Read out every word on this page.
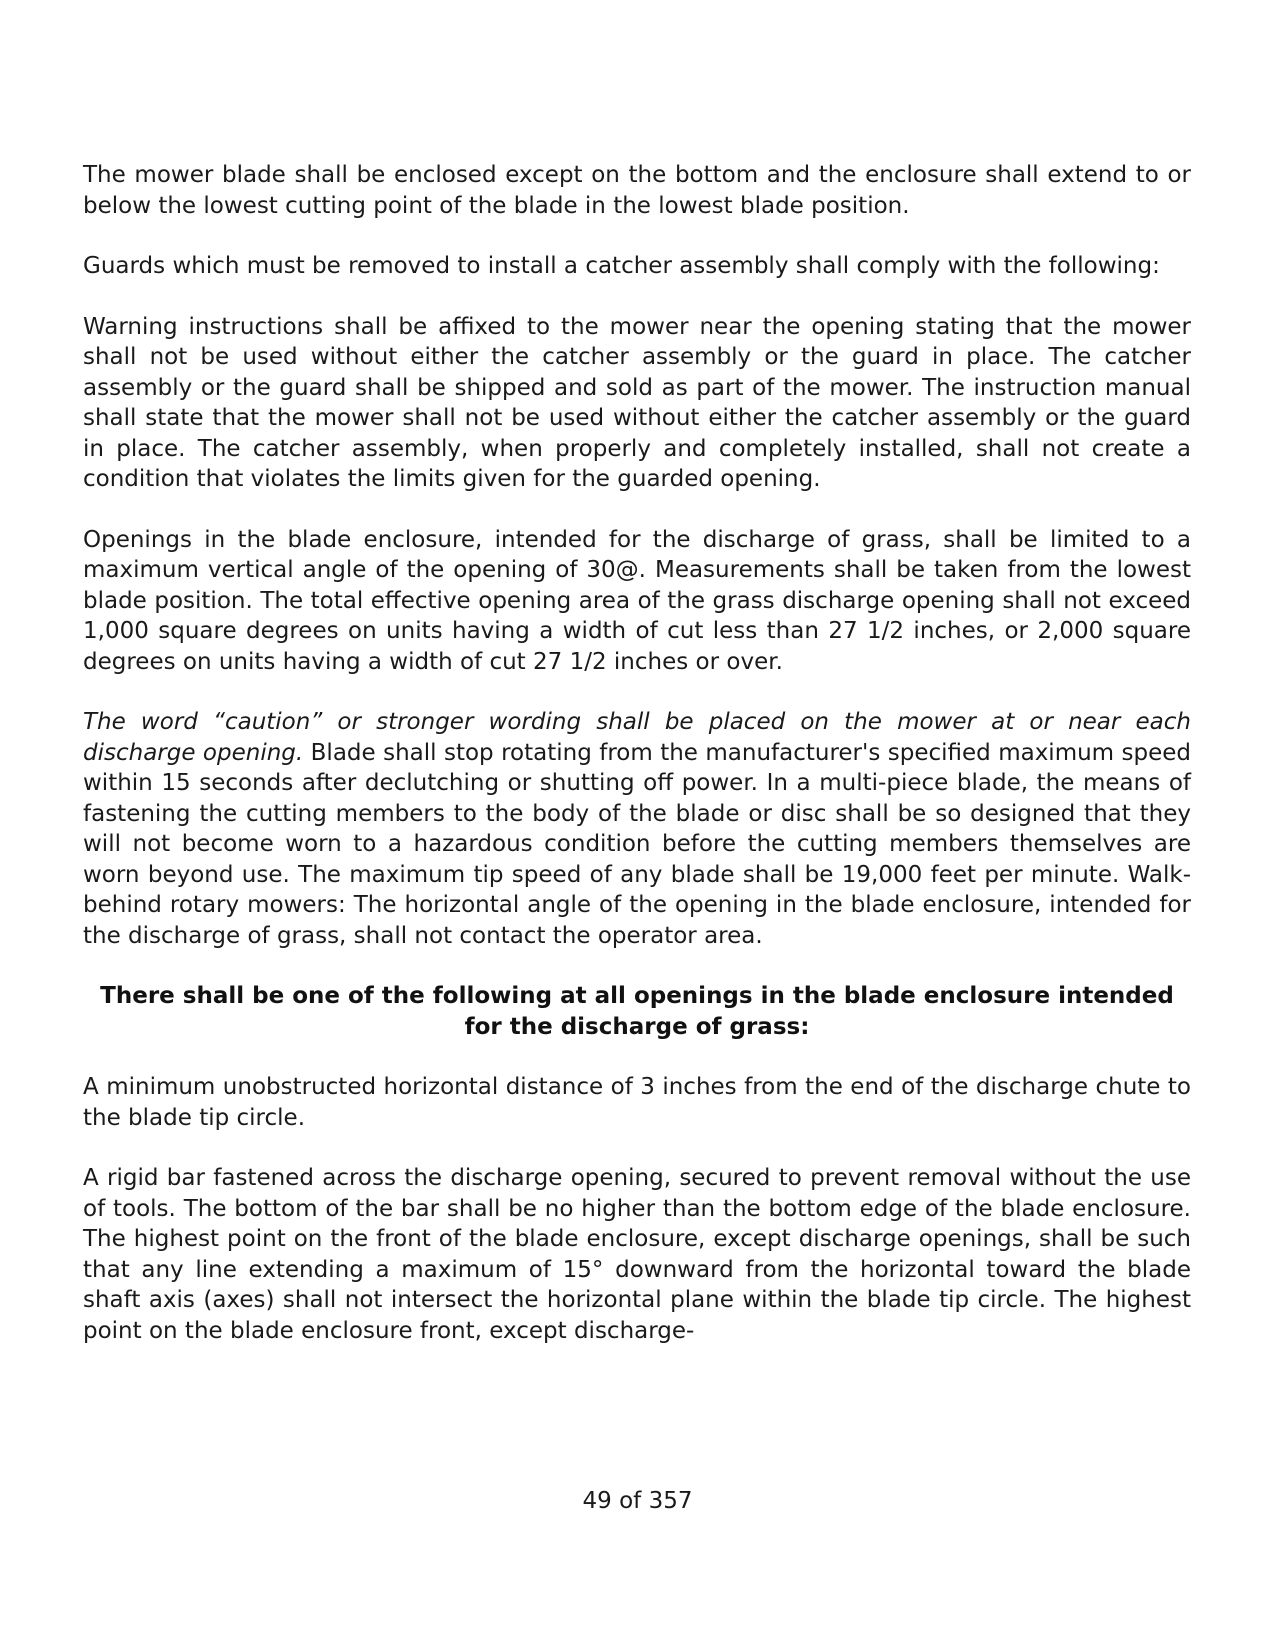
The mower blade shall be enclosed except on the bottom and the enclosure shall extend to or below the lowest cutting point of the blade in the lowest blade position.

Guards which must be removed to install a catcher assembly shall comply with the following:

Warning instructions shall be affixed to the mower near the opening stating that the mower shall not be used without either the catcher assembly or the guard in place. The catcher assembly or the guard shall be shipped and sold as part of the mower. The instruction manual shall state that the mower shall not be used without either the catcher assembly or the guard in place. The catcher assembly, when properly and completely installed, shall not create a condition that violates the limits given for the guarded opening.

Openings in the blade enclosure, intended for the discharge of grass, shall be limited to a maximum vertical angle of the opening of 30@. Measurements shall be taken from the lowest blade position. The total effective opening area of the grass discharge opening shall not exceed 1,000 square degrees on units having a width of cut less than 27 1/2 inches, or 2,000 square degrees on units having a width of cut 27 1/2 inches or over.

The word “caution” or stronger wording shall be placed on the mower at or near each discharge opening. Blade shall stop rotating from the manufacturer's specified maximum speed within 15 seconds after declutching or shutting off power. In a multi-piece blade, the means of fastening the cutting members to the body of the blade or disc shall be so designed that they will not become worn to a hazardous condition before the cutting members themselves are worn beyond use. The maximum tip speed of any blade shall be 19,000 feet per minute. Walk-behind rotary mowers: The horizontal angle of the opening in the blade enclosure, intended for the discharge of grass, shall not contact the operator area.

There shall be one of the following at all openings in the blade enclosure intended for the discharge of grass:

A minimum unobstructed horizontal distance of 3 inches from the end of the discharge chute to the blade tip circle.

A rigid bar fastened across the discharge opening, secured to prevent removal without the use of tools. The bottom of the bar shall be no higher than the bottom edge of the blade enclosure. The highest point on the front of the blade enclosure, except discharge openings, shall be such that any line extending a maximum of 15° downward from the horizontal toward the blade shaft axis (axes) shall not intersect the horizontal plane within the blade tip circle. The highest point on the blade enclosure front, except discharge-

49 of 357
